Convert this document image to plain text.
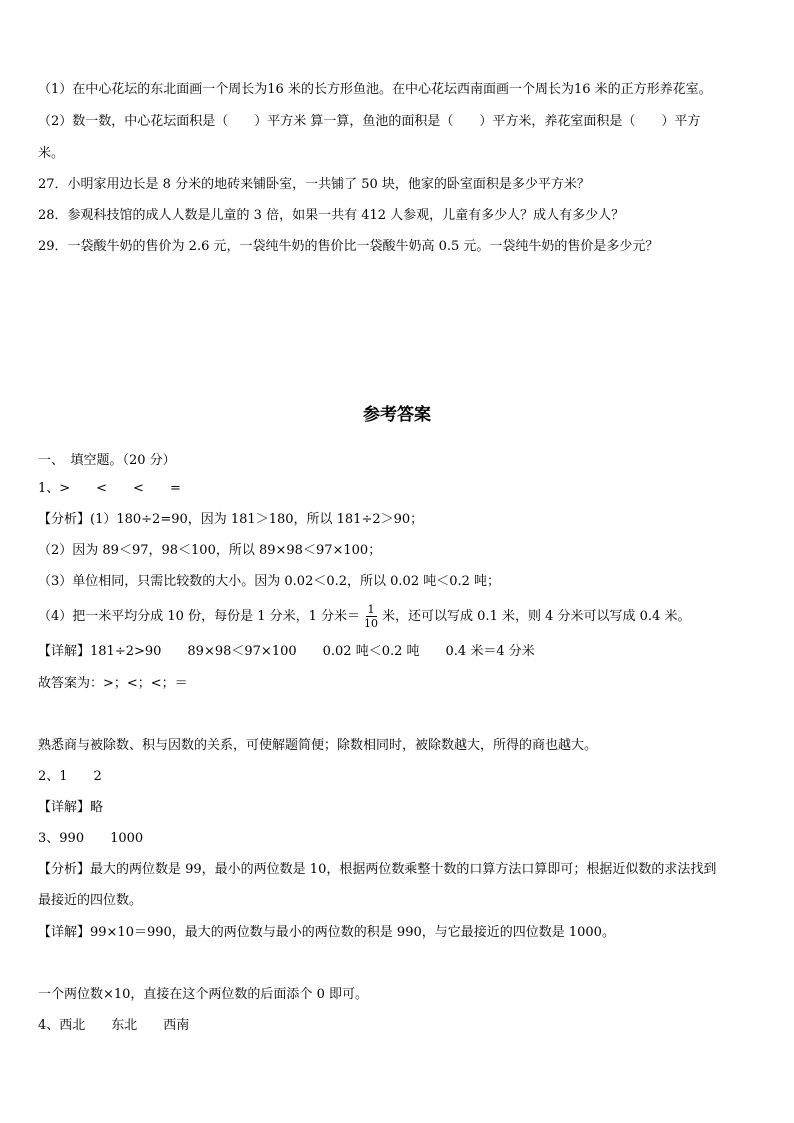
（1）在中心花坛的东北面画一个周长为16 米的长方形鱼池。在中心花坛西南面画一个周长为16 米的正方形养花室。
（2）数一数，中心花坛面积是（　　）平方米 算一算，鱼池的面积是（　　）平方米，养花室面积是（　　）平方
米。
27．小明家用边长是 8 分米的地砖来铺卧室，一共铺了 50 块，他家的卧室面积是多少平方米？
28．参观科技馆的成人人数是儿童的 3 倍，如果一共有 412 人参观，儿童有多少人？成人有多少人？
29．一袋酸牛奶的售价为 2.6 元，一袋纯牛奶的售价比一袋酸牛奶高 0.5 元。一袋纯牛奶的售价是多少元？
参考答案
一、　填空题。（20 分）
1、>　　<　　<　　=
【分析】(1）180÷2=90，因为 181＞180，所以 181÷2＞90；
（2）因为 89＜97，98＜100，所以 89×98＜97×100；
（3）单位相同，只需比较数的大小。因为 0.02＜0.2，所以 0.02 吨＜0.2 吨；
（4）把一米平均分成 10 份，每份是 1 分米，1 分米＝ $\frac{1}{10}$ 米，还可以写成 0.1 米，则 4 分米可以写成 0.4 米。
【详解】181÷2>90　　89×98＜97×100　　0.02 吨＜0.2 吨　　0.4 米＝4 分米
故答案为：>；<；<；＝
熟悉商与被除数、积与因数的关系，可使解题简便；除数相同时，被除数越大，所得的商也越大。
2、1　　2
【详解】略
3、990　　1000
【分析】最大的两位数是 99，最小的两位数是 10，根据两位数乘整十数的口算方法口算即可；根据近似数的求法找到
最接近的四位数。
【详解】99×10＝990，最大的两位数与最小的两位数的积是 990，与它最接近的四位数是 1000。
一个两位数×10，直接在这个两位数的后面添个 0 即可。
4、西北　　东北　　西南
